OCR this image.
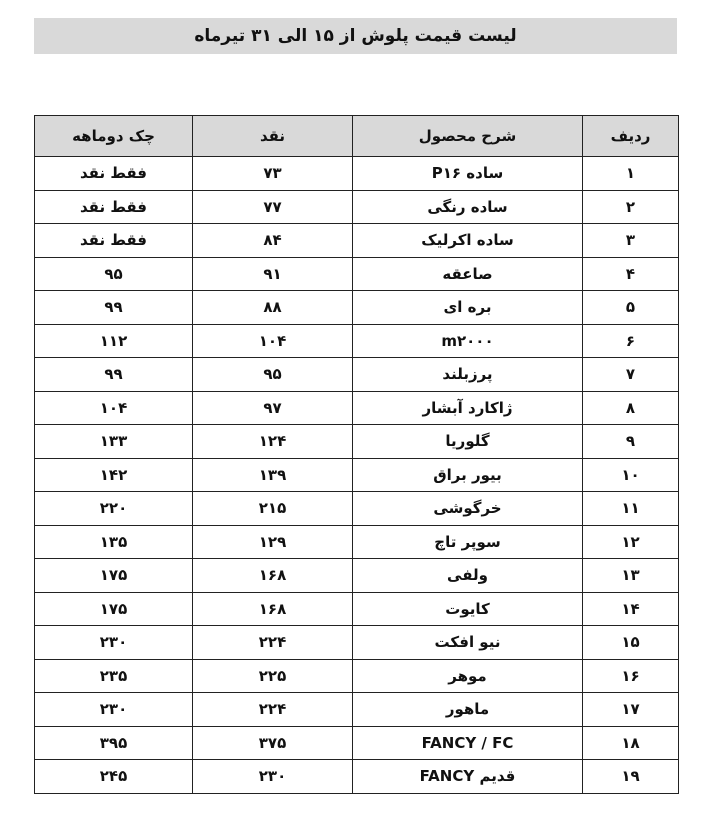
لیست قیمت پلوش از ۱۵ الی ۳۱ تیرماه
ردیف	شرح محصول	نقد	چک دوماهه
۱	ساده P۱۶	۷۳	فقط نقد
۲	ساده رنگی	۷۷	فقط نقد
۳	ساده اکرلیک	۸۴	فقط نقد
۴	صاعقه	۹۱	۹۵
۵	بره ای	۸۸	۹۹
۶	m۲۰۰۰	۱۰۴	۱۱۲
۷	پرزبلند	۹۵	۹۹
۸	ژاکارد آبشار	۹۷	۱۰۴
۹	گلوریا	۱۲۴	۱۳۳
۱۰	بیور براق	۱۳۹	۱۴۲
۱۱	خرگوشی	۲۱۵	۲۲۰
۱۲	سوپر تاچ	۱۲۹	۱۳۵
۱۳	ولفی	۱۶۸	۱۷۵
۱۴	کایوت	۱۶۸	۱۷۵
۱۵	نیو افکت	۲۲۴	۲۳۰
۱۶	موهر	۲۲۵	۲۳۵
۱۷	ماهور	۲۲۴	۲۳۰
۱۸	FANCY / FC	۳۷۵	۳۹۵
۱۹	قدیم FANCY	۲۳۰	۲۴۵
